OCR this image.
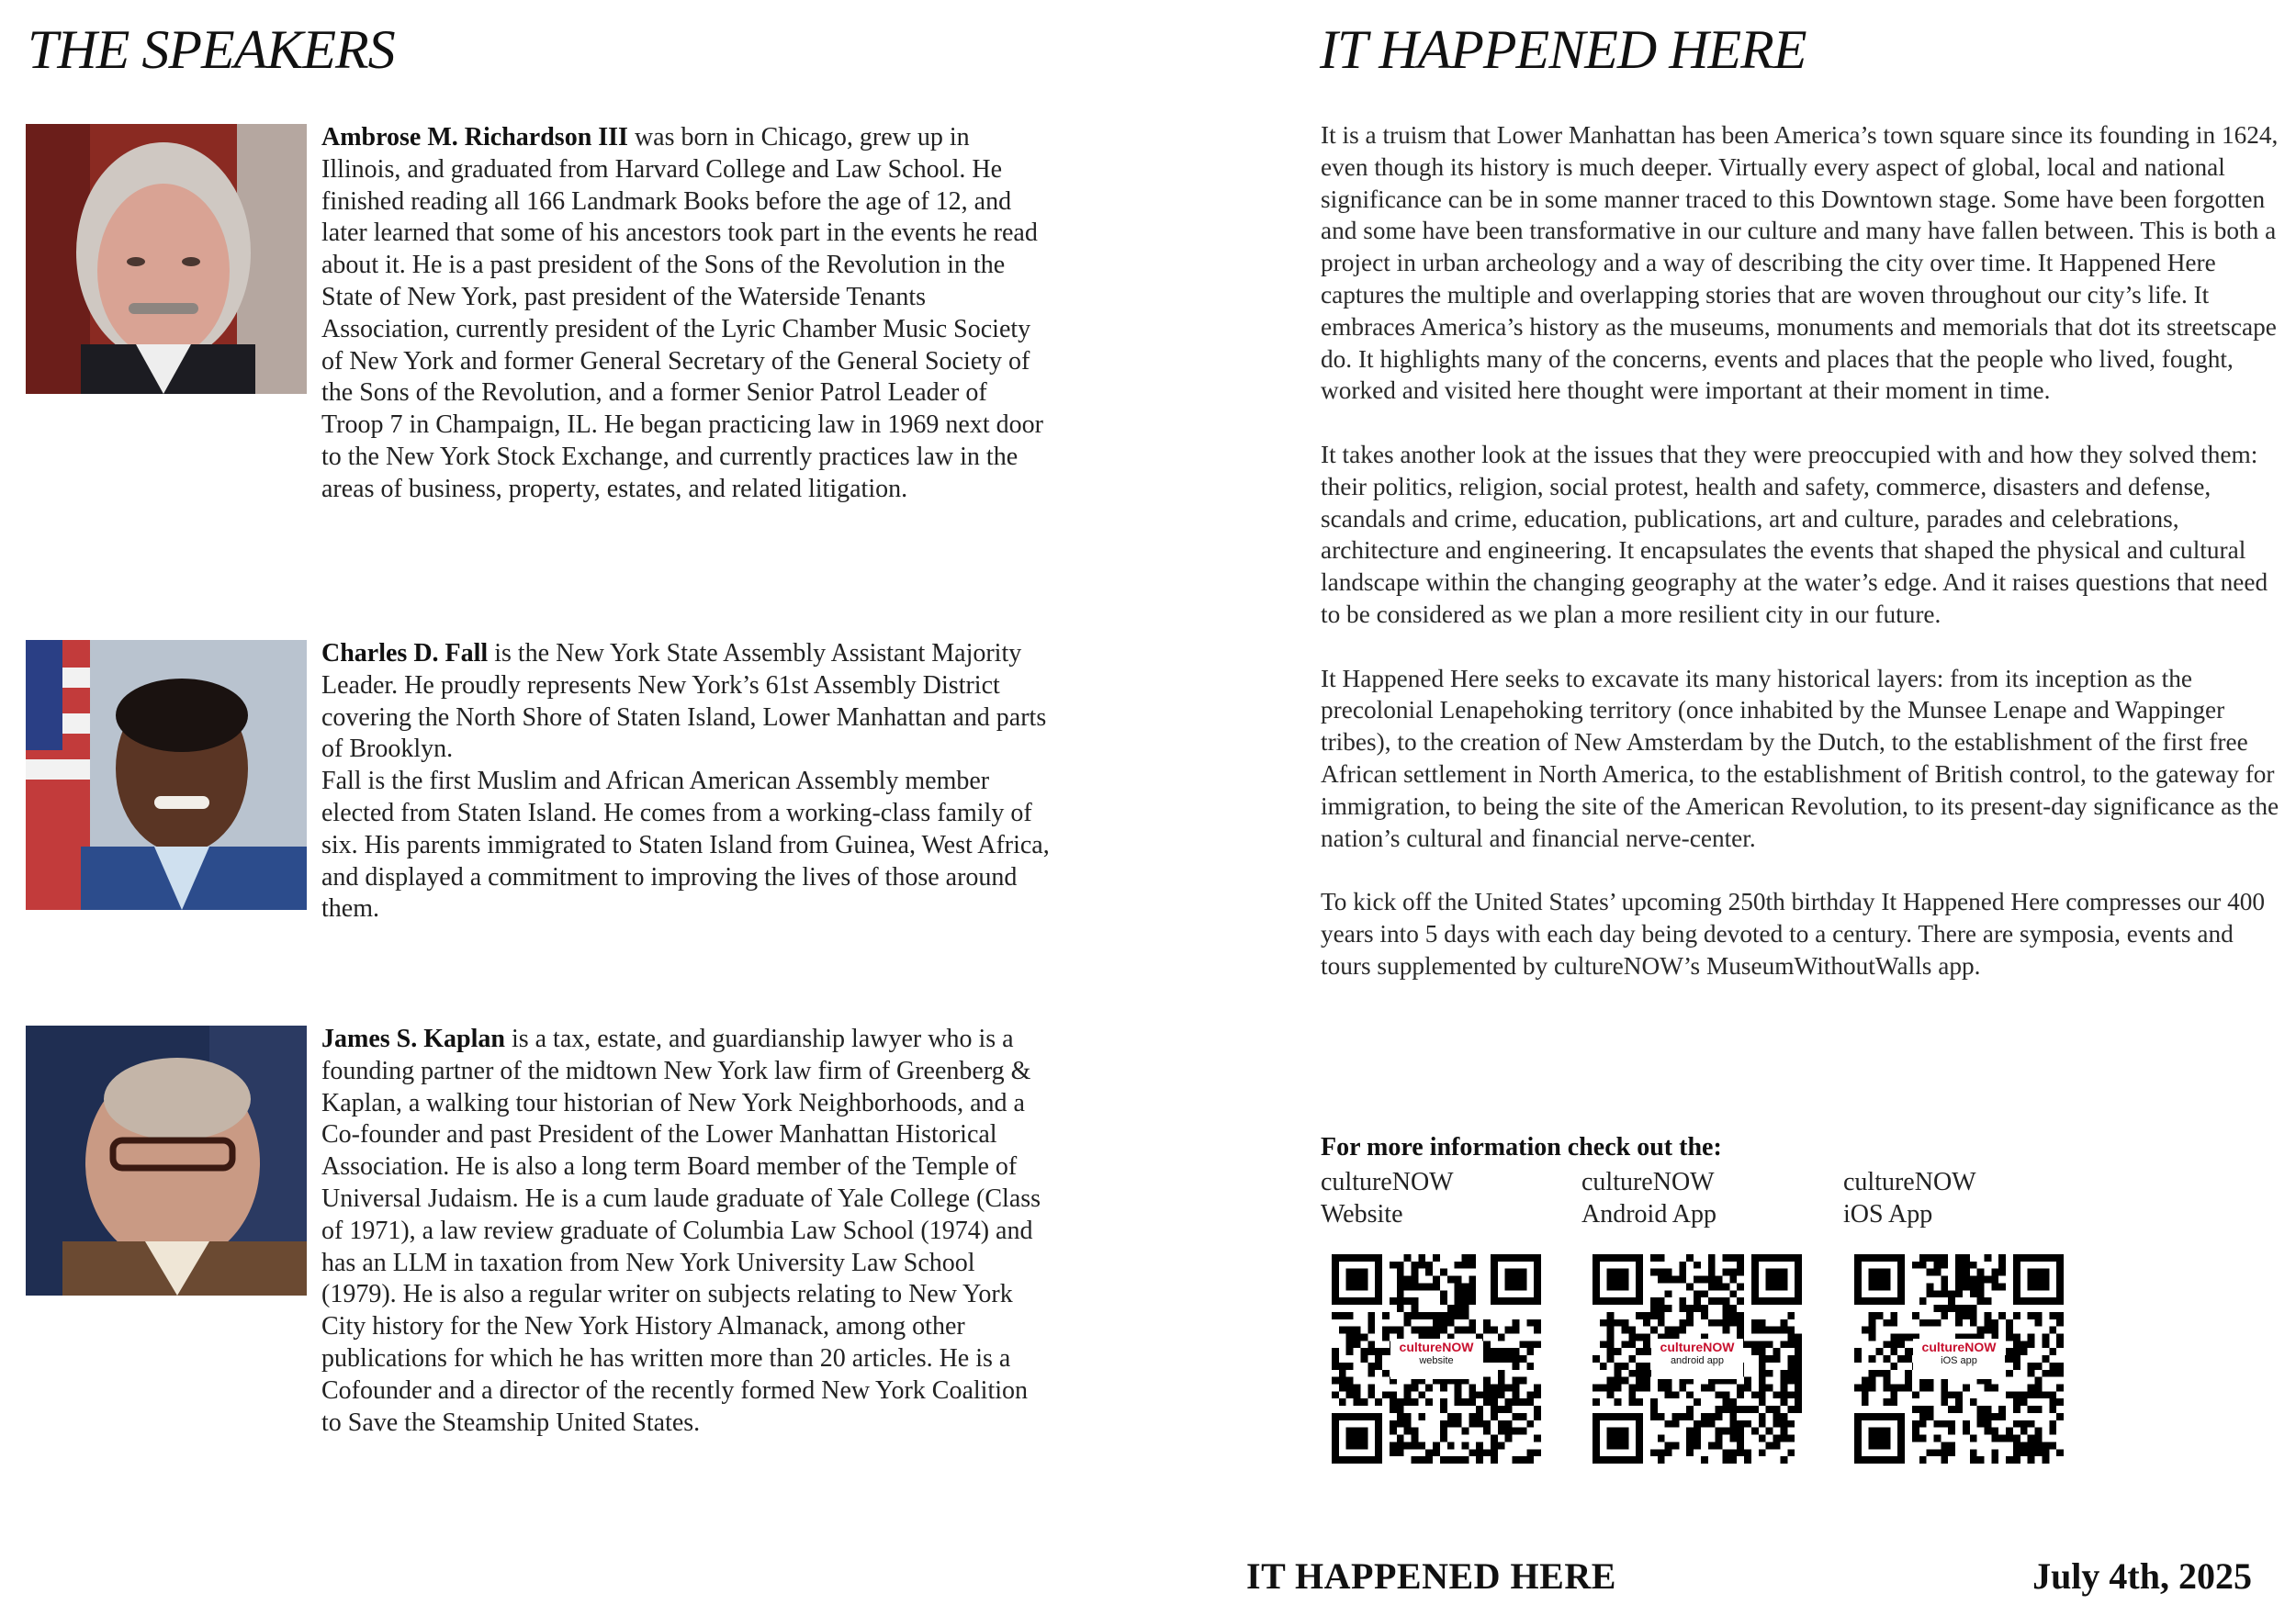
THE SPEAKERS

Ambrose M. Richardson III was born in Chicago, grew up in Illinois, and graduated from Harvard College and Law School. He finished reading all 166 Landmark Books before the age of 12, and later learned that some of his ancestors took part in the events he read about it. He is a past president of the Sons of the Revolution in the State of New York, past president of the Waterside Tenants Association, currently president of the Lyric Chamber Music Society of New York and former General Secretary of the General Society of the Sons of the Revolution, and a former Senior Patrol Leader of Troop 7 in Champaign, IL. He began practicing law in 1969 next door to the New York Stock Exchange, and currently practices law in the areas of business, property, estates, and related litigation.

Charles D. Fall is the New York State Assembly Assistant Majority Leader. He proudly represents New York’s 61st Assembly District covering the North Shore of Staten Island, Lower Manhattan and parts of Brooklyn.

Fall is the first Muslim and African American Assembly member elected from Staten Island. He comes from a working-class family of six. His parents immigrated to Staten Island from Guinea, West Africa, and displayed a commitment to improving the lives of those around them.

James S. Kaplan is a tax, estate, and guardianship lawyer who is a founding partner of the midtown New York law firm of Greenberg & Kaplan, a walking tour historian of New York Neighborhoods, and a Co-founder and past President of the Lower Manhattan Historical Association. He is also a long term Board member of the Temple of Universal Judaism. He is a cum laude graduate of Yale College (Class of 1971), a law review graduate of Columbia Law School (1974) and has an LLM in taxation from New York University Law School (1979). He is also a regular writer on subjects relating to New York City history for the New York History Almanack, among other publications for which he has written more than 20 articles. He is a Cofounder and a director of the recently formed New York Coalition to Save the Steamship United States.

IT HAPPENED HERE

It is a truism that Lower Manhattan has been America’s town square since its founding in 1624, even though its history is much deeper. Virtually every aspect of global, local and national significance can be in some manner traced to this Downtown stage. Some have been forgotten and some have been transformative in our culture and many have fallen between. This is both a project in urban archeology and a way of describing the city over time. It Happened Here captures the multiple and overlapping stories that are woven throughout our city’s life. It embraces America’s history as the museums, monuments and memorials that dot its streetscape do. It highlights many of the concerns, events and places that the people who lived, fought, worked and visited here thought were important at their moment in time.

It takes another look at the issues that they were preoccupied with and how they solved them: their politics, religion, social protest, health and safety, commerce, disasters and defense, scandals and crime, education, publications, art and culture, parades and celebrations, architecture and engineering. It encapsulates the events that shaped the physical and cultural landscape within the changing geography at the water’s edge. And it raises questions that need to be considered as we plan a more resilient city in our future.

It Happened Here seeks to excavate its many historical layers: from its inception as the precolonial Lenapehoking territory (once inhabited by the Munsee Lenape and Wappinger tribes), to the creation of New Amsterdam by the Dutch, to the establishment of the first free African settlement in North America, to the establishment of British control, to the gateway for immigration, to being the site of the American Revolution, to its present-day significance as the nation’s cultural and financial nerve-center.

To kick off the United States’ upcoming 250th birthday It Happened Here compresses our 400 years into 5 days with each day being devoted to a century. There are symposia, events and tours supplemented by cultureNOW’s MuseumWithoutWalls app.

For more information check out the:

cultureNOW
Website
cultureNOW
website
cultureNOW
Android App
cultureNOW
android app
cultureNOW
iOS App
cultureNOW
iOS app

IT HAPPENED HERE	July 4th, 2025
